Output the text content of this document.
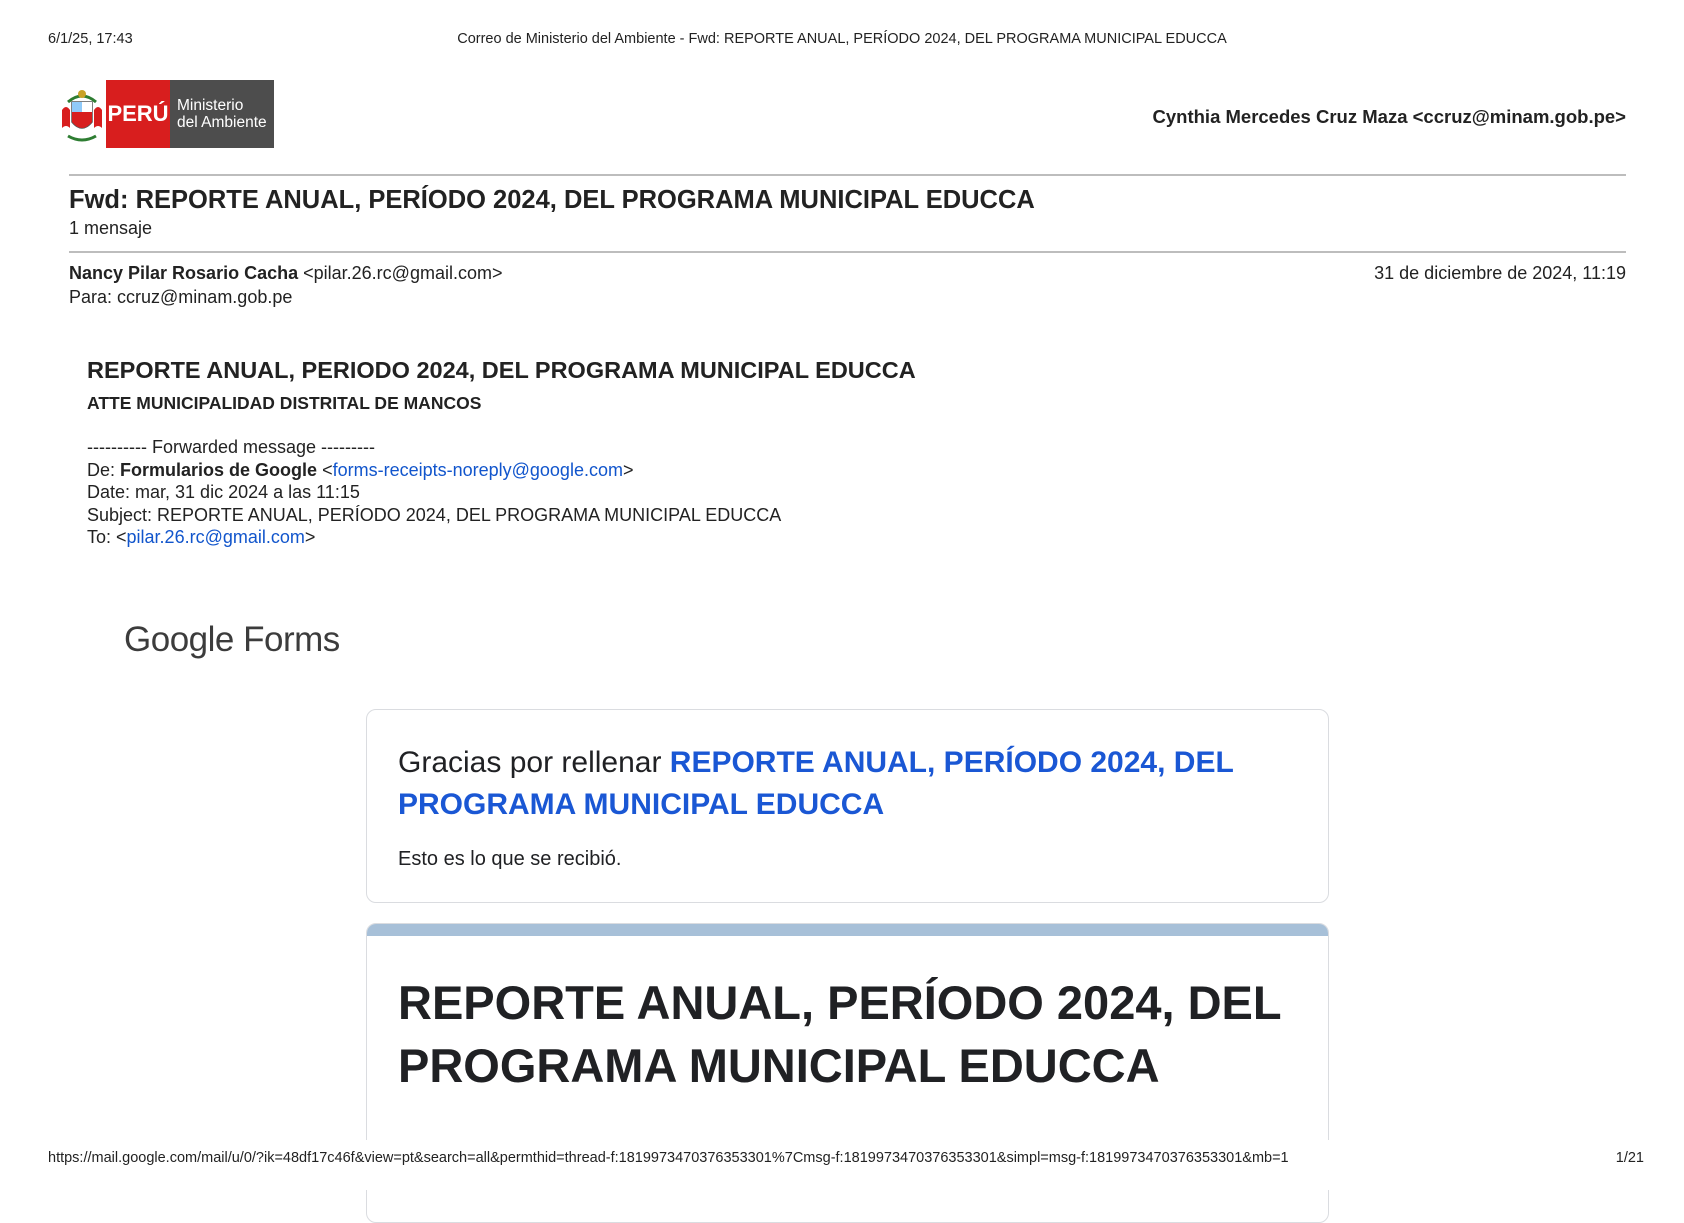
6/1/25, 17:43	Correo de Ministerio del Ambiente - Fwd: REPORTE ANUAL, PERÍODO 2024, DEL PROGRAMA MUNICIPAL EDUCCA
PERÚ Ministerio
del Ambiente	Cynthia Mercedes Cruz Maza <ccruz@minam.gob.pe>
Fwd: REPORTE ANUAL, PERÍODO 2024, DEL PROGRAMA MUNICIPAL EDUCCA
1 mensaje
Nancy Pilar Rosario Cacha <pilar.26.rc@gmail.com>	31 de diciembre de 2024, 11:19
Para: ccruz@minam.gob.pe
REPORTE ANUAL, PERIODO 2024, DEL PROGRAMA MUNICIPAL EDUCCA
ATTE MUNICIPALIDAD DISTRITAL DE MANCOS
---------- Forwarded message ---------
De: Formularios de Google <forms-receipts-noreply@google.com>
Date: mar, 31 dic 2024 a las 11:15
Subject: REPORTE ANUAL, PERÍODO 2024, DEL PROGRAMA MUNICIPAL EDUCCA
To: <pilar.26.rc@gmail.com>
Google Forms
Gracias por rellenar REPORTE ANUAL, PERÍODO 2024, DEL PROGRAMA MUNICIPAL EDUCCA
Esto es lo que se recibió.
REPORTE ANUAL, PERÍODO 2024, DEL PROGRAMA MUNICIPAL EDUCCA
https://mail.google.com/mail/u/0/?ik=48df17c46f&view=pt&search=all&permthid=thread-f:1819973470376353301%7Cmsg-f:1819973470376353301&simpl=msg-f:1819973470376353301&mb=1	1/21
